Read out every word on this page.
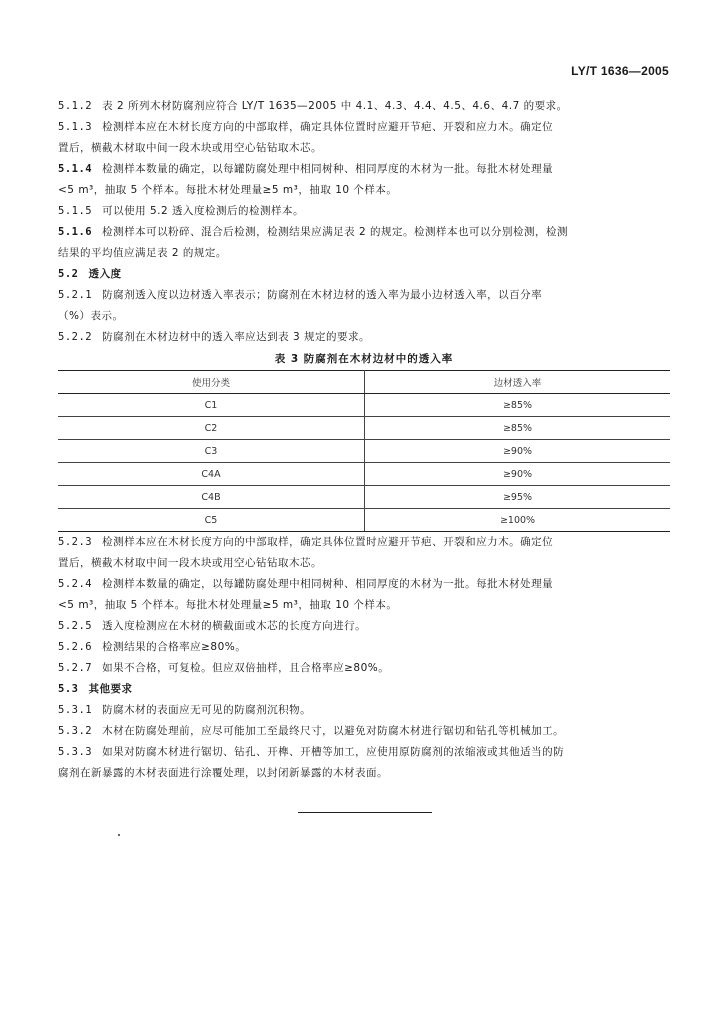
LY/T 1636—2005

5.1.2 表 2 所列木材防腐剂应符合 LY/T 1635—2005 中 4.1、4.3、4.4、4.5、4.6、4.7 的要求。

5.1.3 检测样本应在木材长度方向的中部取样，确定具体位置时应避开节疤、开裂和应力木。确定位

置后，横截木材取中间一段木块或用空心钻钻取木芯。

5.1.4 检测样本数量的确定，以每罐防腐处理中相同树种、相同厚度的木材为一批。每批木材处理量

<5 m³，抽取 5 个样本。每批木材处理量≥5 m³，抽取 10 个样本。

5.1.5 可以使用 5.2 透入度检测后的检测样本。

5.1.6 检测样本可以粉碎、混合后检测，检测结果应满足表 2 的规定。检测样本也可以分别检测，检测

结果的平均值应满足表 2 的规定。

5.2 透入度

5.2.1 防腐剂透入度以边材透入率表示；防腐剂在木材边材的透入率为最小边材透入率，以百分率

（%）表示。

5.2.2 防腐剂在木材边材中的透入率应达到表 3 规定的要求。

表 3 防腐剂在木材边材中的透入率
使用分类	边材透入率
C1	≥85%
C2	≥85%
C3	≥90%
C4A	≥90%
C4B	≥95%
C5	≥100%

5.2.3 检测样本应在木材长度方向的中部取样，确定具体位置时应避开节疤、开裂和应力木。确定位

置后，横截木材取中间一段木块或用空心钻钻取木芯。

5.2.4 检测样本数量的确定，以每罐防腐处理中相同树种、相同厚度的木材为一批。每批木材处理量

<5 m³，抽取 5 个样本。每批木材处理量≥5 m³，抽取 10 个样本。

5.2.5 透入度检测应在木材的横截面或木芯的长度方向进行。

5.2.6 检测结果的合格率应≥80%。

5.2.7 如果不合格，可复检。但应双倍抽样，且合格率应≥80%。

5.3 其他要求

5.3.1 防腐木材的表面应无可见的防腐剂沉积物。

5.3.2 木材在防腐处理前，应尽可能加工至最终尺寸，以避免对防腐木材进行锯切和钻孔等机械加工。

5.3.3 如果对防腐木材进行锯切、钻孔、开榫、开槽等加工，应使用原防腐剂的浓缩液或其他适当的防

腐剂在新暴露的木材表面进行涂覆处理，以封闭新暴露的木材表面。
